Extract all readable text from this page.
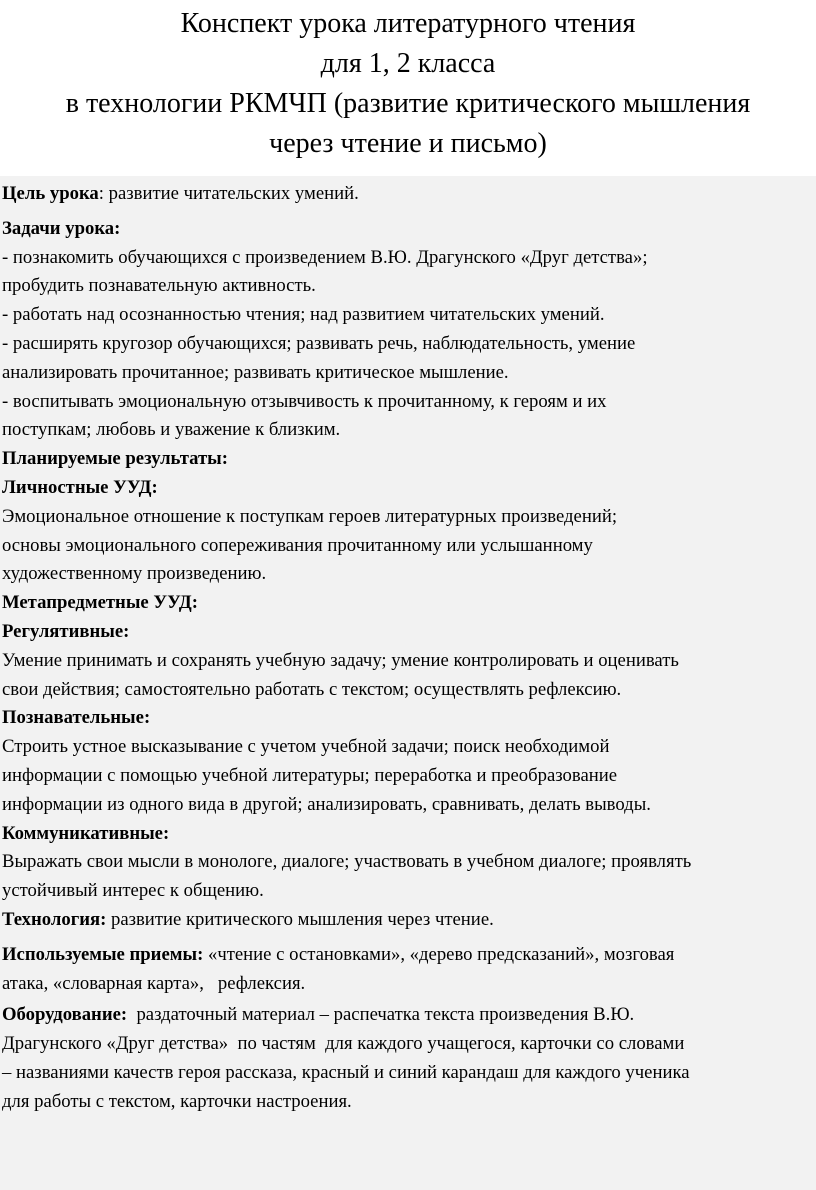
Конспект урока литературного чтения

для 1, 2 класса

в технологии РКМЧП (развитие критического мышления

через чтение и письмо)

Цель урока: развитие читательских умений.

Задачи урока:

- познакомить обучающихся с произведением В.Ю. Драгунского «Друг детства»;

пробудить познавательную активность.

- работать над осознанностью чтения; над развитием читательских умений.

- расширять кругозор обучающихся; развивать речь, наблюдательность, умение

анализировать прочитанное; развивать критическое мышление.

- воспитывать эмоциональную отзывчивость к прочитанному, к героям и их

поступкам; любовь и уважение к близким.

Планируемые результаты:

Личностные УУД:

Эмоциональное отношение к поступкам героев литературных произведений;

основы эмоционального сопереживания прочитанному или услышанному

художественному произведению.

Метапредметные УУД:

Регулятивные:

Умение принимать и сохранять учебную задачу; умение контролировать и оценивать

свои действия; самостоятельно работать с текстом; осуществлять рефлексию.

Познавательные:

Строить устное высказывание с учетом учебной задачи; поиск необходимой

информации с помощью учебной литературы; переработка и преобразование

информации из одного вида в другой; анализировать, сравнивать, делать выводы.

Коммуникативные:

Выражать свои мысли в монологе, диалоге; участвовать в учебном диалоге; проявлять

устойчивый интерес к общению.

Технология: развитие критического мышления через чтение.

Используемые приемы: «чтение с остановками», «дерево предсказаний», мозговая

атака, «словарная карта»,   рефлексия.

Оборудование:  раздаточный материал – распечатка текста произведения В.Ю.

Драгунского «Друг детства»  по частям  для каждого учащегося, карточки со словами

– названиями качеств героя рассказа, красный и синий карандаш для каждого ученика

для работы с текстом, карточки настроения.
